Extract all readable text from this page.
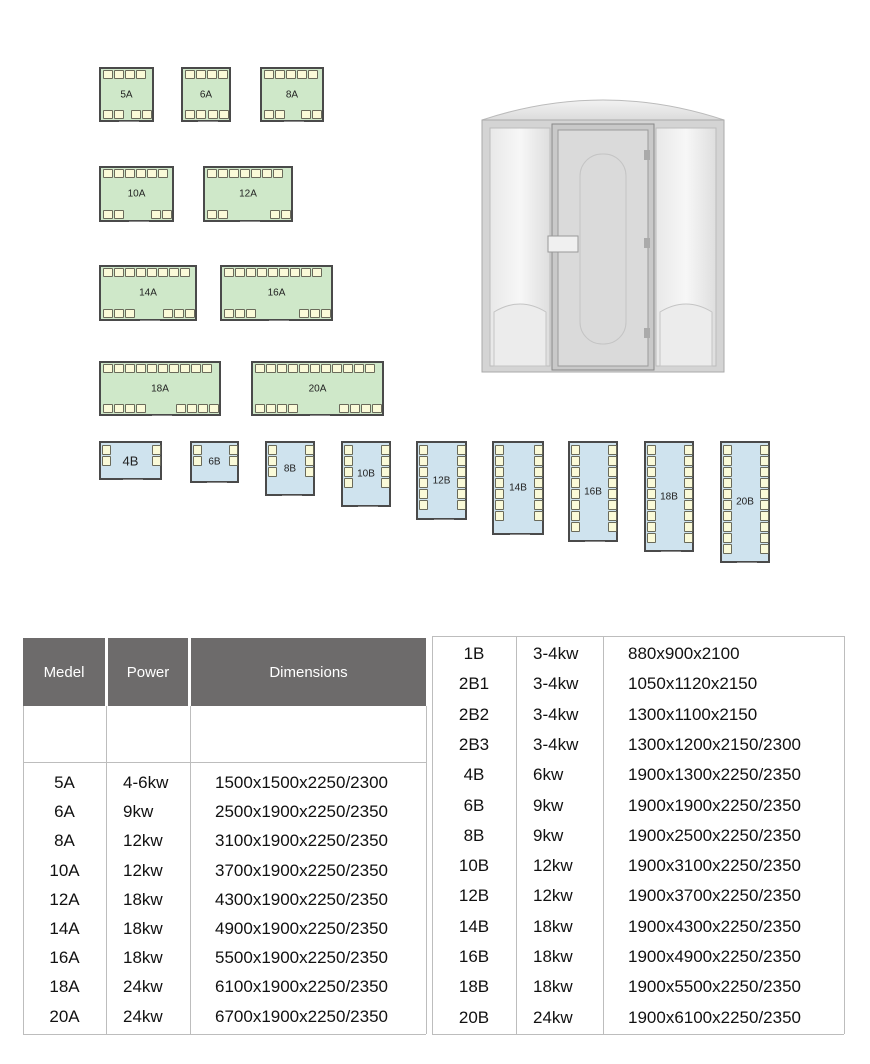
5A	6A	8A
10A	12A
14A	16A
18A	20A
4B	6B
8B	10B
12B
14B	16B	18B	20B
Medel	Power	Dimensions
5A	4-6kw	1500x1500x2250/2300
6A	9kw	2500x1900x2250/2350
8A	12kw	3100x1900x2250/2350
10A	12kw	3700x1900x2250/2350
12A	18kw	4300x1900x2250/2350
14A	18kw	4900x1900x2250/2350
16A	18kw	5500x1900x2250/2350
18A	24kw	6100x1900x2250/2350
20A	24kw	6700x1900x2250/2350
1B	3-4kw	880x900x2100
2B1	3-4kw	1050x1120x2150
2B2	3-4kw	1300x1100x2150
2B3	3-4kw	1300x1200x2150/2300
4B	6kw	1900x1300x2250/2350
6B	9kw	1900x1900x2250/2350
8B	9kw	1900x2500x2250/2350
10B	12kw	1900x3100x2250/2350
12B	12kw	1900x3700x2250/2350
14B	18kw	1900x4300x2250/2350
16B	18kw	1900x4900x2250/2350
18B	18kw	1900x5500x2250/2350
20B	24kw	1900x6100x2250/2350
